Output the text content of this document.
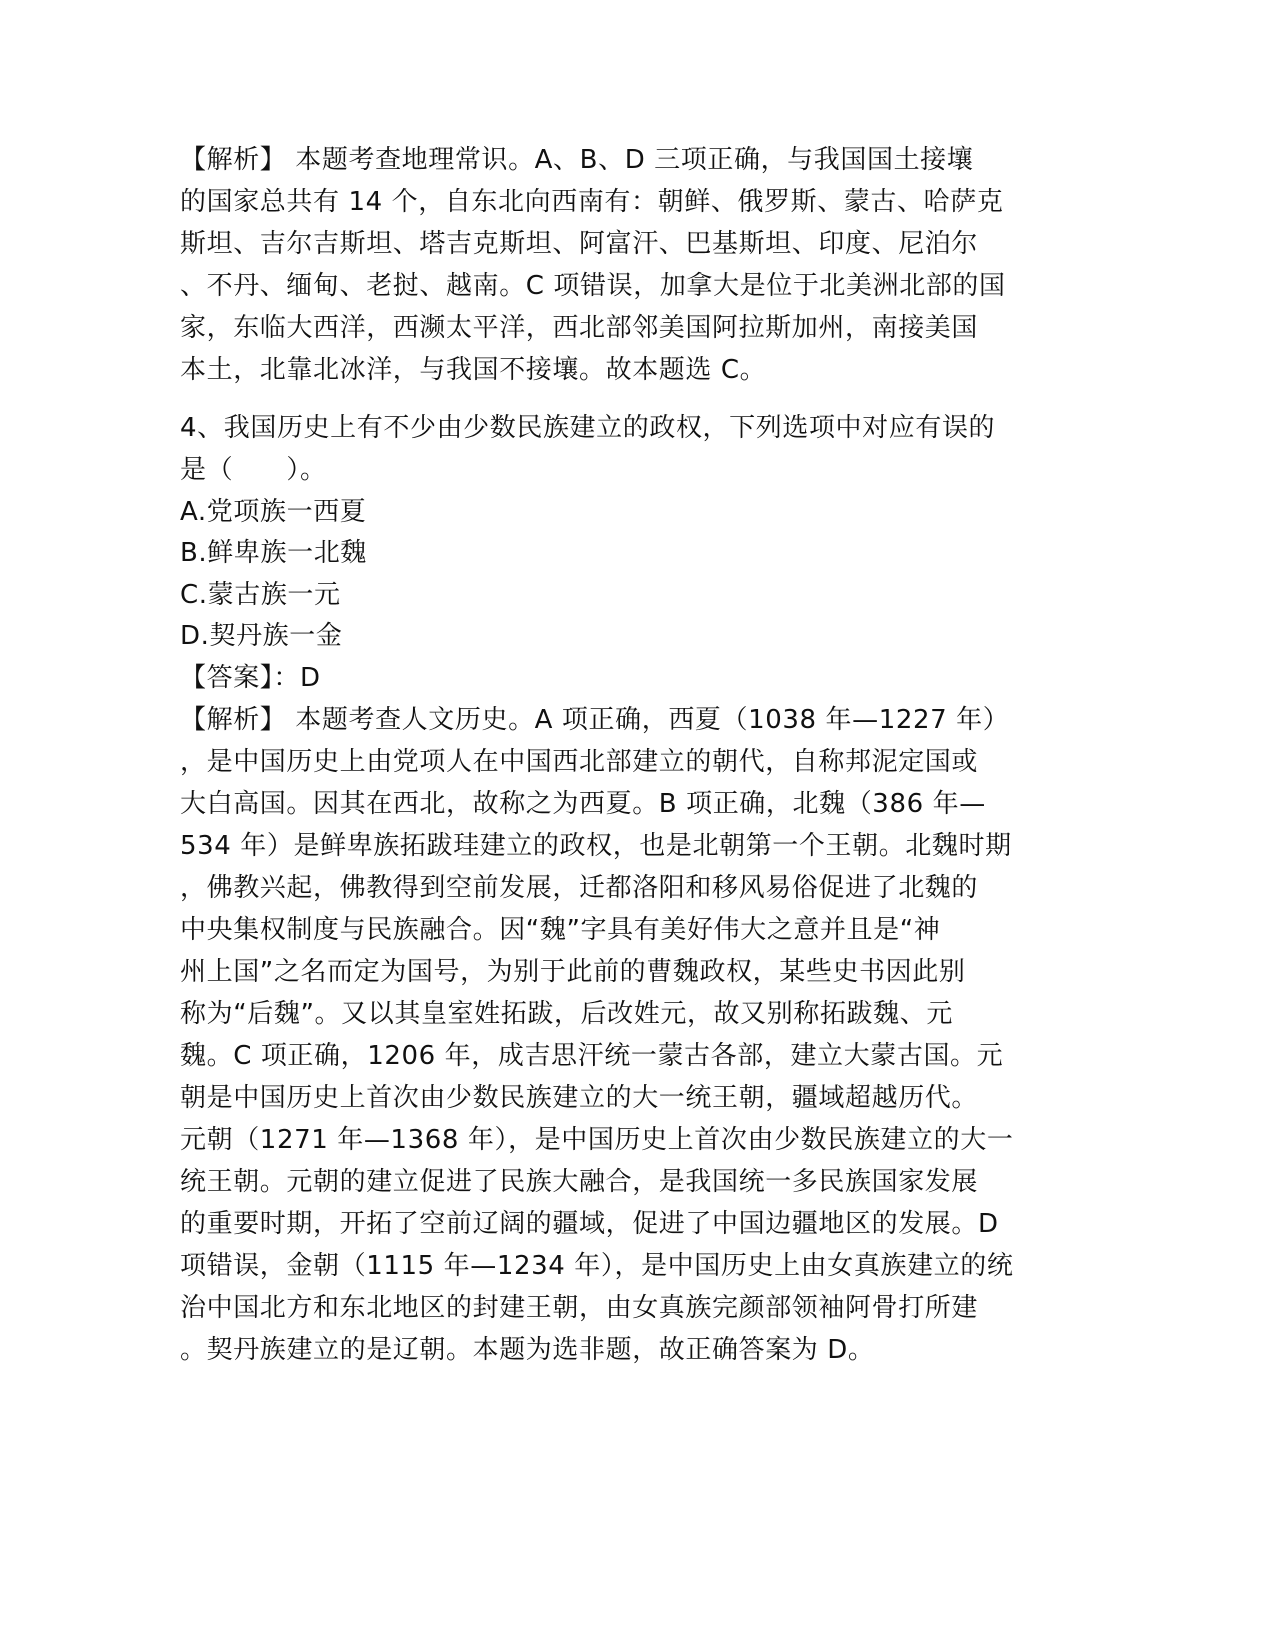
【解析】 本题考查地理常识。A、B、D 三项正确，与我国国土接壤
的国家总共有 14 个，自东北向西南有：朝鲜、俄罗斯、蒙古、哈萨克
斯坦、吉尔吉斯坦、塔吉克斯坦、阿富汗、巴基斯坦、印度、尼泊尔
、不丹、缅甸、老挝、越南。C 项错误，加拿大是位于北美洲北部的国
家，东临大西洋，西濒太平洋，西北部邻美国阿拉斯加州，南接美国
本土，北靠北冰洋，与我国不接壤。故本题选 C。
4、我国历史上有不少由少数民族建立的政权，下列选项中对应有误的
是（　　）。
A.党项族一西夏
B.鲜卑族一北魏
C.蒙古族一元
D.契丹族一金
【答案】：D
【解析】 本题考查人文历史。A 项正确，西夏（1038 年—1227 年）
，是中国历史上由党项人在中国西北部建立的朝代，自称邦泥定国或
大白高国。因其在西北，故称之为西夏。B 项正确，北魏（386 年—
534 年）是鲜卑族拓跋珪建立的政权，也是北朝第一个王朝。北魏时期
，佛教兴起，佛教得到空前发展，迁都洛阳和移风易俗促进了北魏的
中央集权制度与民族融合。因“魏”字具有美好伟大之意并且是“神
州上国”之名而定为国号，为别于此前的曹魏政权，某些史书因此别
称为“后魏”。又以其皇室姓拓跋，后改姓元，故又别称拓跋魏、元
魏。C 项正确，1206 年，成吉思汗统一蒙古各部，建立大蒙古国。元
朝是中国历史上首次由少数民族建立的大一统王朝，疆域超越历代。
元朝（1271 年—1368 年），是中国历史上首次由少数民族建立的大一
统王朝。元朝的建立促进了民族大融合，是我国统一多民族国家发展
的重要时期，开拓了空前辽阔的疆域，促进了中国边疆地区的发展。D
项错误，金朝（1115 年—1234 年），是中国历史上由女真族建立的统
治中国北方和东北地区的封建王朝，由女真族完颜部领袖阿骨打所建
。契丹族建立的是辽朝。本题为选非题，故正确答案为 D。
